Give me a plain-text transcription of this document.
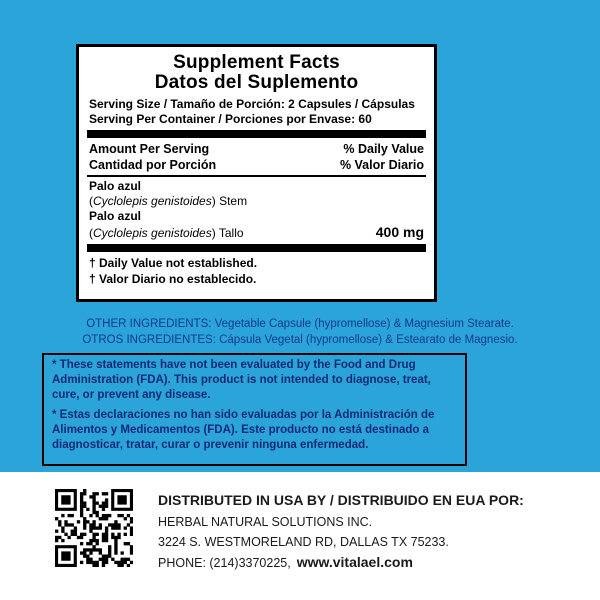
Supplement Facts
Datos del Suplemento
Serving Size / Tamaño de Porción: 2 Capsules / Cápsulas
Serving Per Container / Porciones por Envase: 60
Amount Per Serving	% Daily Value
Cantidad por Porción	% Valor Diario
Palo azul
(Cyclolepis genistoides) Stem
Palo azul
(Cyclolepis genistoides) Tallo	400 mg
† Daily Value not established.
† Valor Diario no establecido.
OTHER INGREDIENTS: Vegetable Capsule (hypromellose) & Magnesium Stearate.
OTROS INGREDIENTES: Cápsula Vegetal (hypromellose) & Estearato de Magnesio.

* These statements have not been evaluated by the Food and Drug Administration (FDA). This product is not intended to diagnose, treat, cure, or prevent any disease.

* Estas declaraciones no han sido evaluadas por la Administración de Alimentos y Medicamentos (FDA). Este producto no está destinado a diagnosticar, tratar, curar o prevenir ninguna enfermedad.

DISTRIBUTED IN USA BY / DISTRIBUIDO EN EUA POR:
HERBAL NATURAL SOLUTIONS INC.
3224 S. WESTMORELAND RD, DALLAS TX 75233.
PHONE: (214)3370225, www.vitalael.com
